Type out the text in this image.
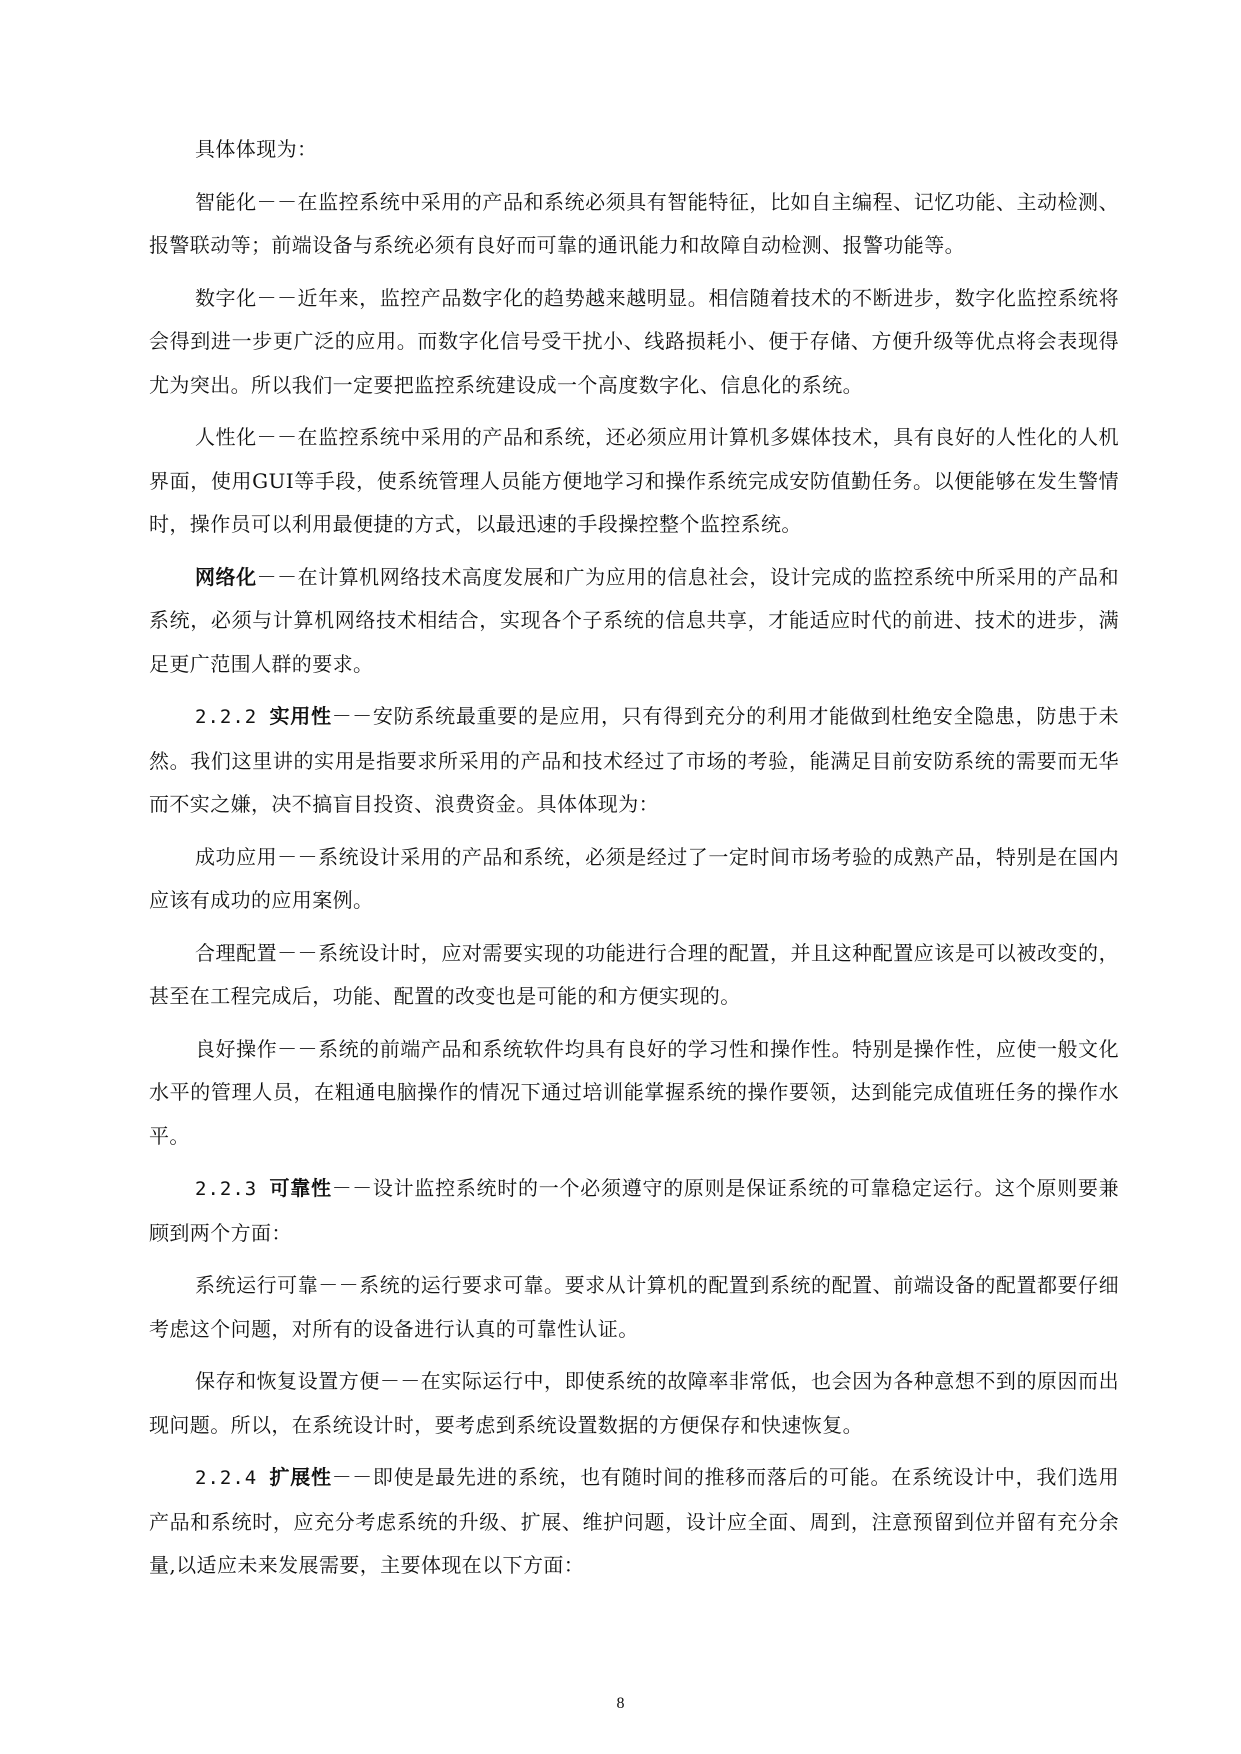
具体体现为：

智能化－－在监控系统中采用的产品和系统必须具有智能特征，比如自主编程、记忆功能、主动检测、报警联动等；前端设备与系统必须有良好而可靠的通讯能力和故障自动检测、报警功能等。

数字化－－近年来，监控产品数字化的趋势越来越明显。相信随着技术的不断进步，数字化监控系统将会得到进一步更广泛的应用。而数字化信号受干扰小、线路损耗小、便于存储、方便升级等优点将会表现得尤为突出。所以我们一定要把监控系统建设成一个高度数字化、信息化的系统。

人性化－－在监控系统中采用的产品和系统，还必须应用计算机多媒体技术，具有良好的人性化的人机界面，使用GUI等手段，使系统管理人员能方便地学习和操作系统完成安防值勤任务。以便能够在发生警情时，操作员可以利用最便捷的方式，以最迅速的手段操控整个监控系统。

网络化－－在计算机网络技术高度发展和广为应用的信息社会，设计完成的监控系统中所采用的产品和系统，必须与计算机网络技术相结合，实现各个子系统的信息共享，才能适应时代的前进、技术的进步，满足更广范围人群的要求。

2.2.2 实用性－－安防系统最重要的是应用，只有得到充分的利用才能做到杜绝安全隐患，防患于未然。我们这里讲的实用是指要求所采用的产品和技术经过了市场的考验，能满足目前安防系统的需要而无华而不实之嫌，决不搞盲目投资、浪费资金。具体体现为：

成功应用－－系统设计采用的产品和系统，必须是经过了一定时间市场考验的成熟产品，特别是在国内应该有成功的应用案例。

合理配置－－系统设计时，应对需要实现的功能进行合理的配置，并且这种配置应该是可以被改变的，甚至在工程完成后，功能、配置的改变也是可能的和方便实现的。

良好操作－－系统的前端产品和系统软件均具有良好的学习性和操作性。特别是操作性，应使一般文化水平的管理人员，在粗通电脑操作的情况下通过培训能掌握系统的操作要领，达到能完成值班任务的操作水平。

2.2.3 可靠性－－设计监控系统时的一个必须遵守的原则是保证系统的可靠稳定运行。这个原则要兼顾到两个方面：

系统运行可靠－－系统的运行要求可靠。要求从计算机的配置到系统的配置、前端设备的配置都要仔细考虑这个问题，对所有的设备进行认真的可靠性认证。

保存和恢复设置方便－－在实际运行中，即使系统的故障率非常低，也会因为各种意想不到的原因而出现问题。所以，在系统设计时，要考虑到系统设置数据的方便保存和快速恢复。

2.2.4 扩展性－－即使是最先进的系统，也有随时间的推移而落后的可能。在系统设计中，我们选用产品和系统时，应充分考虑系统的升级、扩展、维护问题，设计应全面、周到，注意预留到位并留有充分余量,以适应未来发展需要，主要体现在以下方面：

8
